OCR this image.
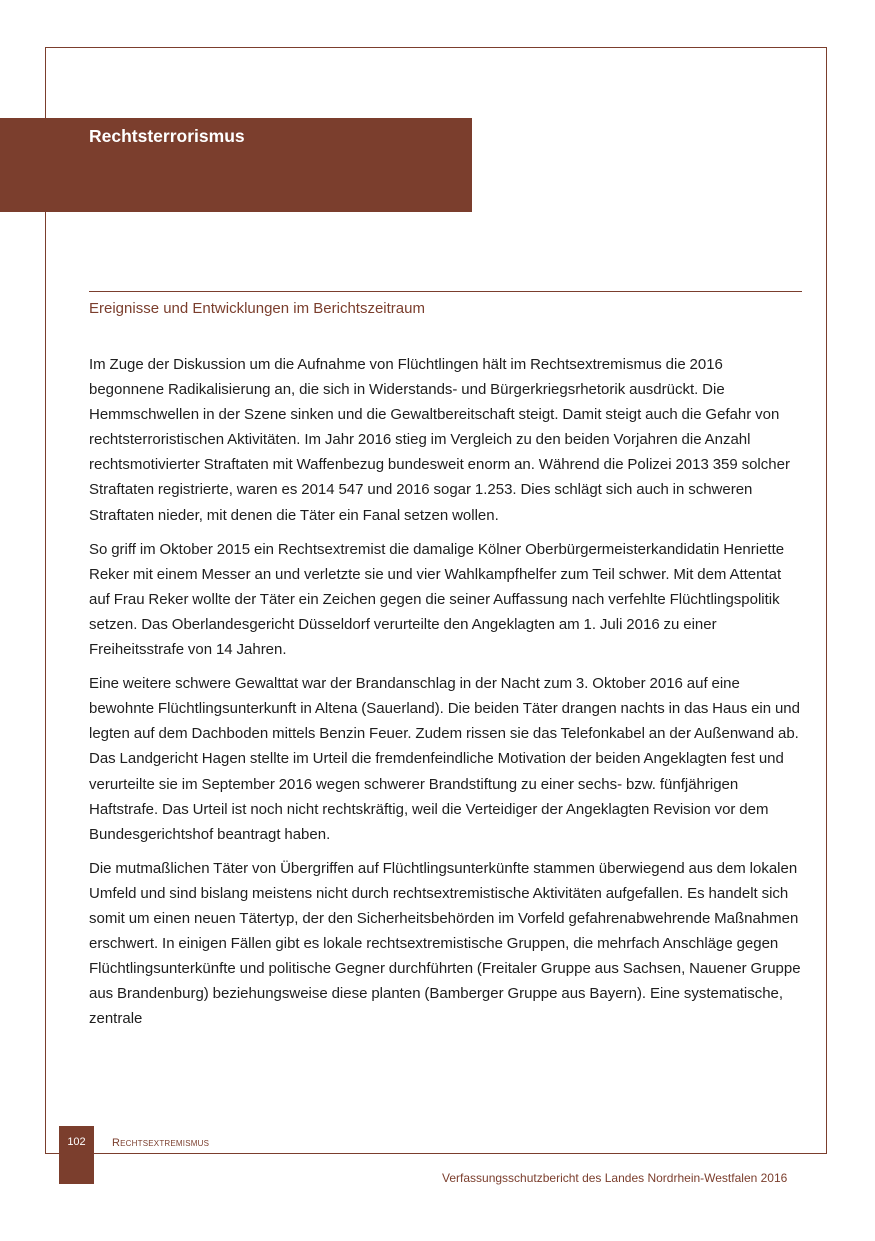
Rechtsterrorismus
Ereignisse und Entwicklungen im Berichtszeitraum

Im Zuge der Diskussion um die Aufnahme von Flüchtlingen hält im Rechtsextremismus die 2016 begonnene Radikalisierung an, die sich in Widerstands- und Bürgerkriegsrhetorik ausdrückt. Die Hemmschwellen in der Szene sinken und die Gewaltbereitschaft steigt. Damit steigt auch die Gefahr von rechtsterroristischen Aktivitäten. Im Jahr 2016 stieg im Vergleich zu den beiden Vorjahren die Anzahl rechtsmotivierter Straftaten mit Waffenbezug bundesweit enorm an. Während die Polizei 2013 359 solcher Straftaten registrierte, waren es 2014 547 und 2016 sogar 1.253. Dies schlägt sich auch in schweren Straftaten nieder, mit denen die Täter ein Fanal setzen wollen.

So griff im Oktober 2015 ein Rechtsextremist die damalige Kölner Oberbürgermeisterkandidatin Henriette Reker mit einem Messer an und verletzte sie und vier Wahlkampfhelfer zum Teil schwer. Mit dem Attentat auf Frau Reker wollte der Täter ein Zeichen gegen die seiner Auffassung nach verfehlte Flüchtlingspolitik setzen. Das Oberlandesgericht Düsseldorf verurteilte den Angeklagten am 1. Juli 2016 zu einer Freiheitsstrafe von 14 Jahren.

Eine weitere schwere Gewalttat war der Brandanschlag in der Nacht zum 3. Oktober 2016 auf eine bewohnte Flüchtlingsunterkunft in Altena (Sauerland). Die beiden Täter drangen nachts in das Haus ein und legten auf dem Dachboden mittels Benzin Feuer. Zudem rissen sie das Telefonkabel an der Außenwand ab. Das Landgericht Hagen stellte im Urteil die fremdenfeindliche Motivation der beiden Angeklagten fest und verurteilte sie im September 2016 wegen schwerer Brandstiftung zu einer sechs- bzw. fünfjährigen Haftstrafe. Das Urteil ist noch nicht rechtskräftig, weil die Verteidiger der Angeklagten Revision vor dem Bundesgerichtshof beantragt haben.

Die mutmaßlichen Täter von Übergriffen auf Flüchtlingsunterkünfte stammen überwiegend aus dem lokalen Umfeld und sind bislang meistens nicht durch rechtsextremistische Aktivitäten aufgefallen. Es handelt sich somit um einen neuen Tätertyp, der den Sicherheitsbehörden im Vorfeld gefahrenabwehrende Maßnahmen erschwert. In einigen Fällen gibt es lokale rechtsextremistische Gruppen, die mehrfach Anschläge gegen Flüchtlingsunterkünfte und politische Gegner durchführten (Freitaler Gruppe aus Sachsen, Nauener Gruppe aus Brandenburg) beziehungsweise diese planten (Bamberger Gruppe aus Bayern). Eine systematische, zentrale

102	Rechtsextremismus
Verfassungsschutzbericht des Landes Nordrhein-Westfalen 2016
